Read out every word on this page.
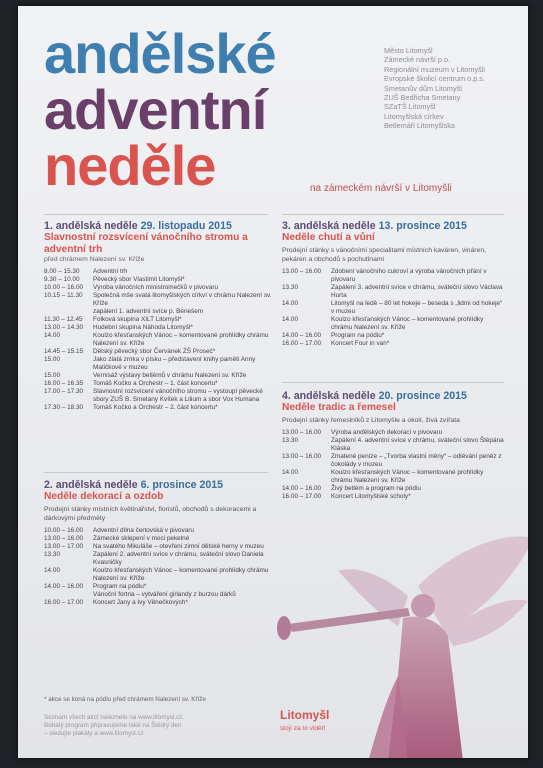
andělské
adventní
neděle	na zámeckém návrší v Litomyšli
Město Litomyšl
Zámecké návrší p.o.
Regionální muzeum v Litomyšli
Evropské školicí centrum o.p.s.
Smetanův dům Litomyšl
ZUŠ Bedřicha Smetany
SZaTŠ Litomyšl
Litomyšlská církev
Betlemáři Litomyšlska
1. andělská neděle 29. listopadu 2015
Slavnostní rozsvícení vánočního stromu a adventní trh
před chrámem Nalezení sv. Kříže
8.00 – 15.30	Adventní trh
9.30 – 10.00	Pěvecký sbor Vlastimil Litomyšl*
10.00 – 16.00	Výroba vánočních ministromečků v pivovaru
10.15 – 11.30	Společná mše svatá litomyšlských církví v chrámu Nalezení sv. Kříže
zapálení 1. adventní svíce p. Benešem
11.30 – 12.45	Folková skupina XILT Litomyšl*
13.00 – 14.30	Hudební skupina Náhoda Litomyšl*
14.00	Koulzo křesťanských Vánoc – komentované prohlídky chrámu Nalezení sv. Kříže
14.45 – 15.15	Dětský pěvecký sbor Červánek ZŠ Proseč*
15.00	Jako zlatá zrnka v písku – představení knihy paměti Anny Matičkové v muzeu
15.00	Vernisáž výstavy betlémů v chrámu Nalezení sv. Kříže
16.00 – 16.35	Tomáš Kočko a Orchestr – 1. část koncertu*
17.00 – 17.30	Slavnostní rozsvícení vánočního stromu – vystoupí pěvecké sbory ZUŠ B. Smetany Kvítek a Lilium a sbor Vox Humana
17.30 – 18.30	Tomáš Kočko a Orchestr – 2. část koncertu*
3. andělská neděle 13. prosince 2015
Neděle chutí a vůní
Prodejní stánky s vánočními specialitami místních kaváren, vináren, pekáren a obchodů s pochutinami
13.00 – 16.00	Zdobení vánočního cukroví a výroba vánočních přání v pivovaru
13.30	Zapálení 3. adventní svíce v chrámu, sváteční slovo Václava Hurta
14.00	Litomyšl na ledě – 80 let hokeje – beseda s „lidmi od hokeje“ v muzeu
14.00	Koulzo křesťanských Vánoc – komentované prohlídky chrámu Nalezení sv. Kříže
14.00 – 16.00	Program na pódiu*
16.00 – 17.00	Koncert Four in van*
4. andělská neděle 20. prosince 2015
Neděle tradic a řemesel
Prodejní stánky řemeslníků z Litomyšle a okolí, živá zvířata
13.00 – 16.00	Výroba andělských dekorací v pivovaru
13.30	Zapálení 4. adventní svíce v chrámu, sváteční slovo Štěpána Kláska
13.00 – 16.00	Zmatené peníze – „Tvorba vlastní měny“ – odlévání peněz z čokolády v muzeu
14.00	Koulzo křesťanských Vánoc – komentované prohlídky chrámu Nalezení sv. Kříže
14.00 – 16.00	Živý betlém a program na pódiu
16.00 – 17.00	Koncert Litomyšlské scholy*
2. andělská neděle 6. prosince 2015
Neděle dekorací a ozdob
Prodejní stánky místních květinářství, floristů, obchodů s dekoracemi a dárkovými předměty
10.00 – 16.00	Adventní dílna čertovská v pivovaru
13.00 – 16.00	Zámecké sklepení v moci pekelné
13.00 – 17.00	Na svatého Mikuláše – otevření zimní dětské herny v muzeu
13.30	Zapálení 2. adventní svíce v chrámu, sváteční slovo Daniela Kvasničky
14.00	Koulzo křesťanských Vánoc – komentované prohlídky chrámu Nalezení sv. Kříže
14.00 – 16.00	Program na pódiu*
Vánoční fortna – vytváření girlandy z burzou dárků
16.00 – 17.00	Koncert Jany a Ivy Věnečkových*
* akce se koná na pódiu před chrámem Nalezení sv. Kříže

Seznam všech akcí naleznete na www.litomysl.cz.

Bohatý program připravujeme také na Štědrý den

– sledujte plakáty a www.litomysl.cz

Litomyšl
stojí za to vidět!
